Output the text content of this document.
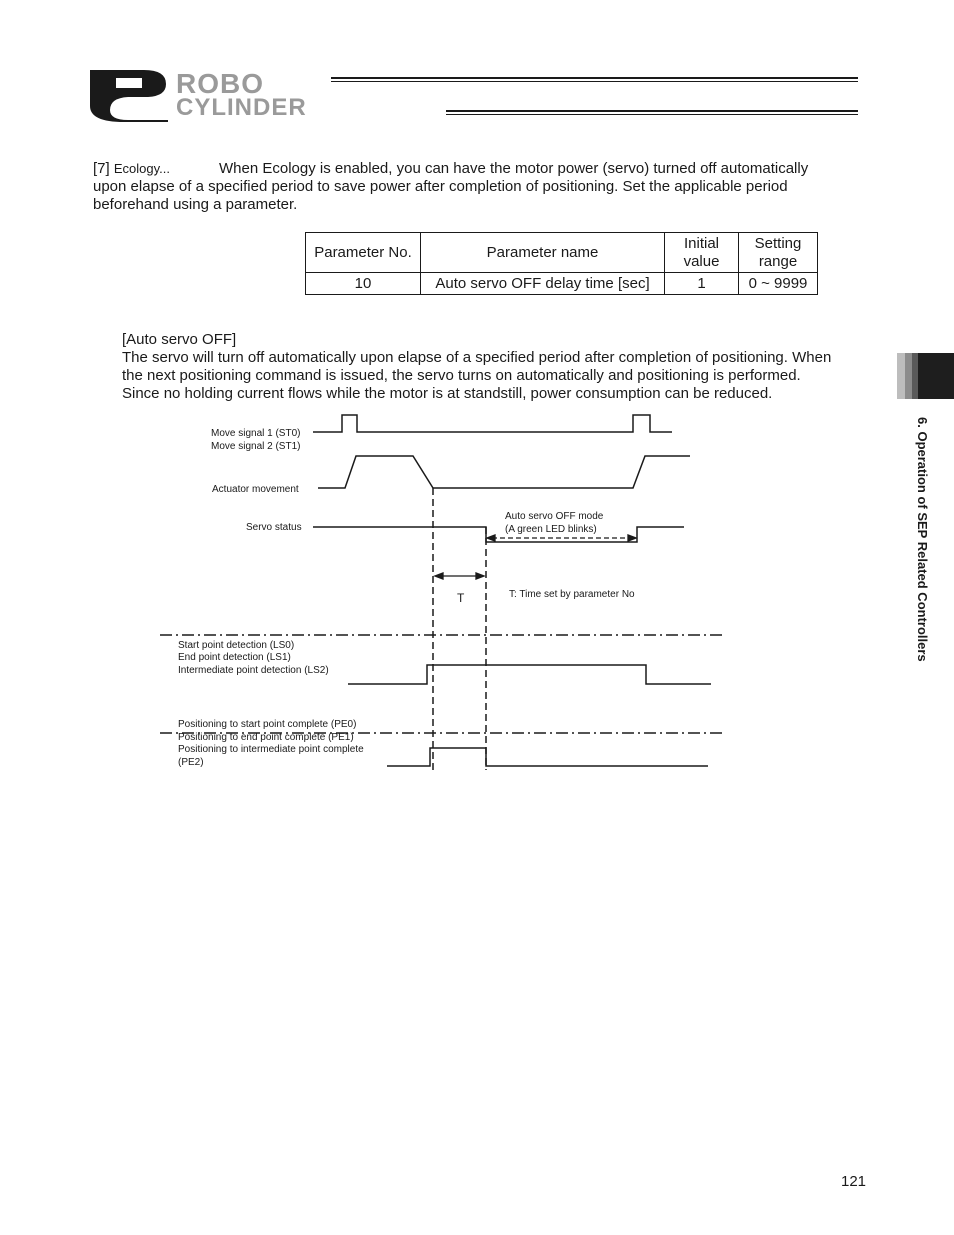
ROBO
CYLINDER
[7] Ecology...	When Ecology is enabled, you can have the motor power (servo) turned off automatically
upon elapse of a specified period to save power after completion of positioning. Set the applicable period
beforehand using a parameter.
Parameter No.	Parameter name	Initial value	Setting range
10	Auto servo OFF delay time [sec]	1	0 ~ 9999
[Auto servo OFF]
The servo will turn off automatically upon elapse of a specified period after completion of positioning. When
the next positioning command is issued, the servo turns on automatically and positioning is performed.
Since no holding current flows while the motor is at standstill, power consumption can be reduced.
Move signal 1 (ST0)
Move signal 2 (ST1)
Actuator movement
Servo status
Auto servo OFF mode
(A green LED blinks)
T	T: Time set by parameter No
Start point detection (LS0)
End point detection (LS1)
Intermediate point detection (LS2)
Positioning to start point complete (PE0)
Positioning to end point complete (PE1)
Positioning to intermediate point complete
(PE2)
6. Operation of SEP Related Controllers
121
